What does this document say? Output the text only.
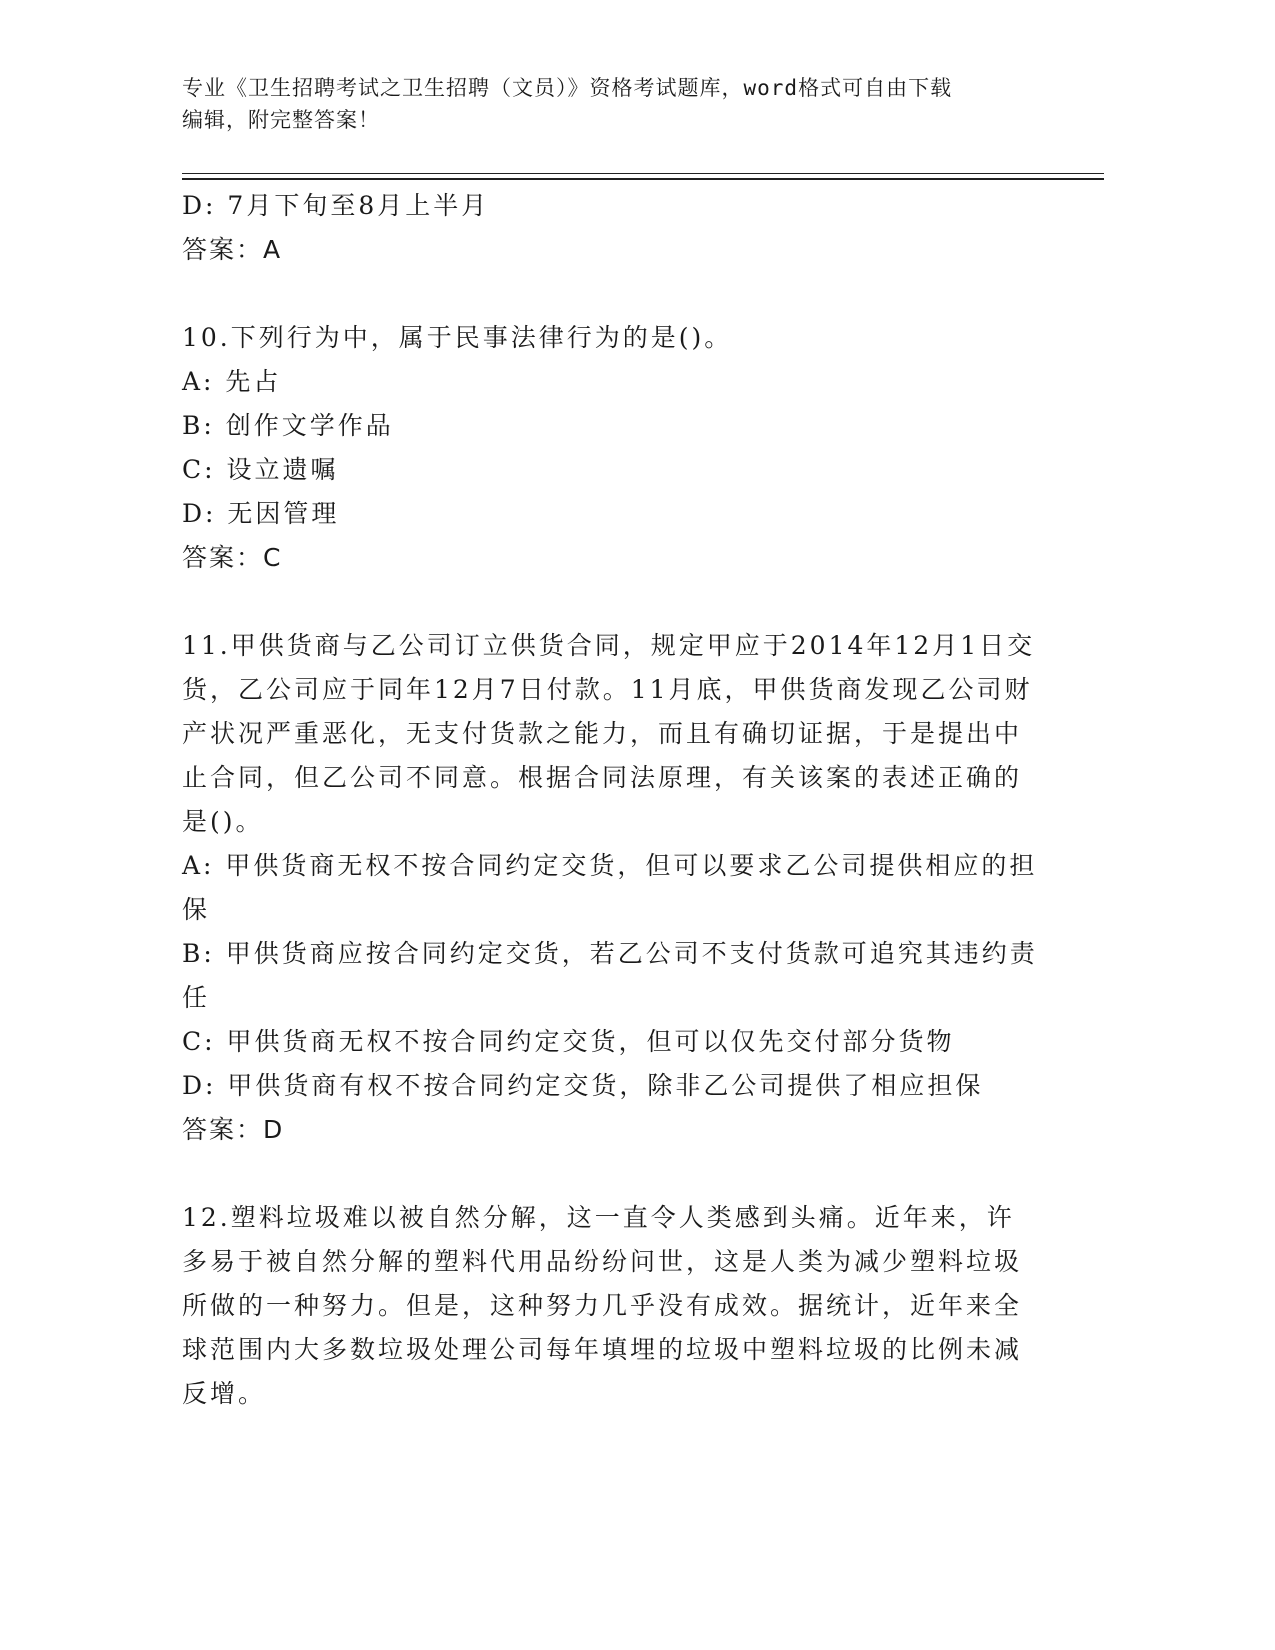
专业《卫生招聘考试之卫生招聘（文员）》资格考试题库，word格式可自由下载
编辑，附完整答案！
D: 7月下旬至8月上半月
答案：A
10.下列行为中，属于民事法律行为的是()。
A: 先占
B: 创作文学作品
C: 设立遗嘱
D: 无因管理
答案：C
11.甲供货商与乙公司订立供货合同，规定甲应于2014年12月1日交货，乙公司应于同年12月7日付款。11月底，甲供货商发现乙公司财产状况严重恶化，无支付货款之能力，而且有确切证据，于是提出中止合同，但乙公司不同意。根据合同法原理，有关该案的表述正确的是()。
A: 甲供货商无权不按合同约定交货，但可以要求乙公司提供相应的担保
B: 甲供货商应按合同约定交货，若乙公司不支付货款可追究其违约责任
C: 甲供货商无权不按合同约定交货，但可以仅先交付部分货物
D: 甲供货商有权不按合同约定交货，除非乙公司提供了相应担保
答案：D
12.塑料垃圾难以被自然分解，这一直令人类感到头痛。近年来，许多易于被自然分解的塑料代用品纷纷问世，这是人类为减少塑料垃圾所做的一种努力。但是，这种努力几乎没有成效。据统计，近年来全球范围内大多数垃圾处理公司每年填埋的垃圾中塑料垃圾的比例未减反增。
